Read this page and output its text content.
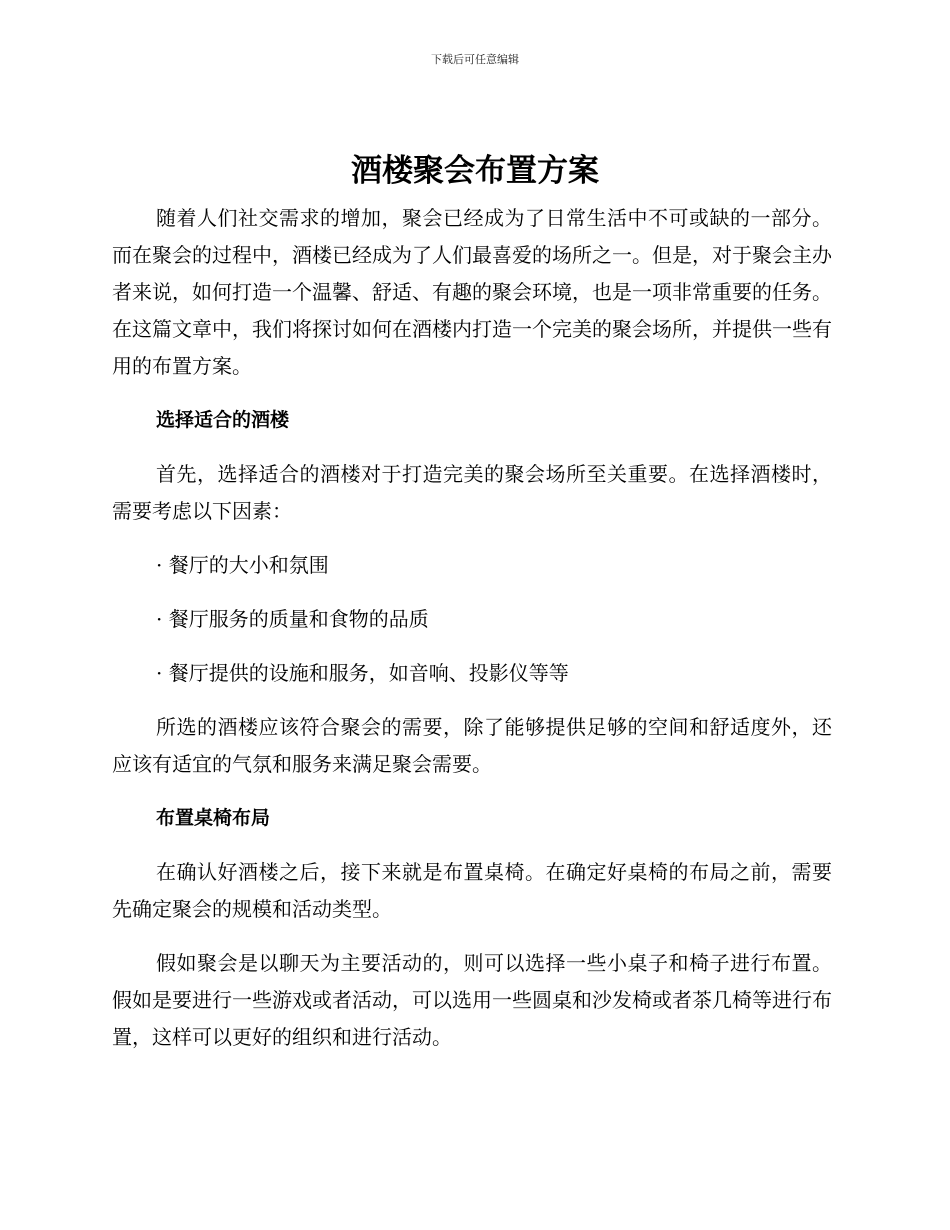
下载后可任意编辑
酒楼聚会布置方案

随着人们社交需求的增加，聚会已经成为了日常生活中不可或缺的一部分。而在聚会的过程中，酒楼已经成为了人们最喜爱的场所之一。但是，对于聚会主办者来说，如何打造一个温馨、舒适、有趣的聚会环境，也是一项非常重要的任务。在这篇文章中，我们将探讨如何在酒楼内打造一个完美的聚会场所，并提供一些有用的布置方案。

选择适合的酒楼

首先，选择适合的酒楼对于打造完美的聚会场所至关重要。在选择酒楼时，需要考虑以下因素：

· 餐厅的大小和氛围
· 餐厅服务的质量和食物的品质
· 餐厅提供的设施和服务，如音响、投影仪等等

所选的酒楼应该符合聚会的需要，除了能够提供足够的空间和舒适度外，还应该有适宜的气氛和服务来满足聚会需要。

布置桌椅布局

在确认好酒楼之后，接下来就是布置桌椅。在确定好桌椅的布局之前，需要先确定聚会的规模和活动类型。

假如聚会是以聊天为主要活动的，则可以选择一些小桌子和椅子进行布置。假如是要进行一些游戏或者活动，可以选用一些圆桌和沙发椅或者茶几椅等进行布置，这样可以更好的组织和进行活动。
